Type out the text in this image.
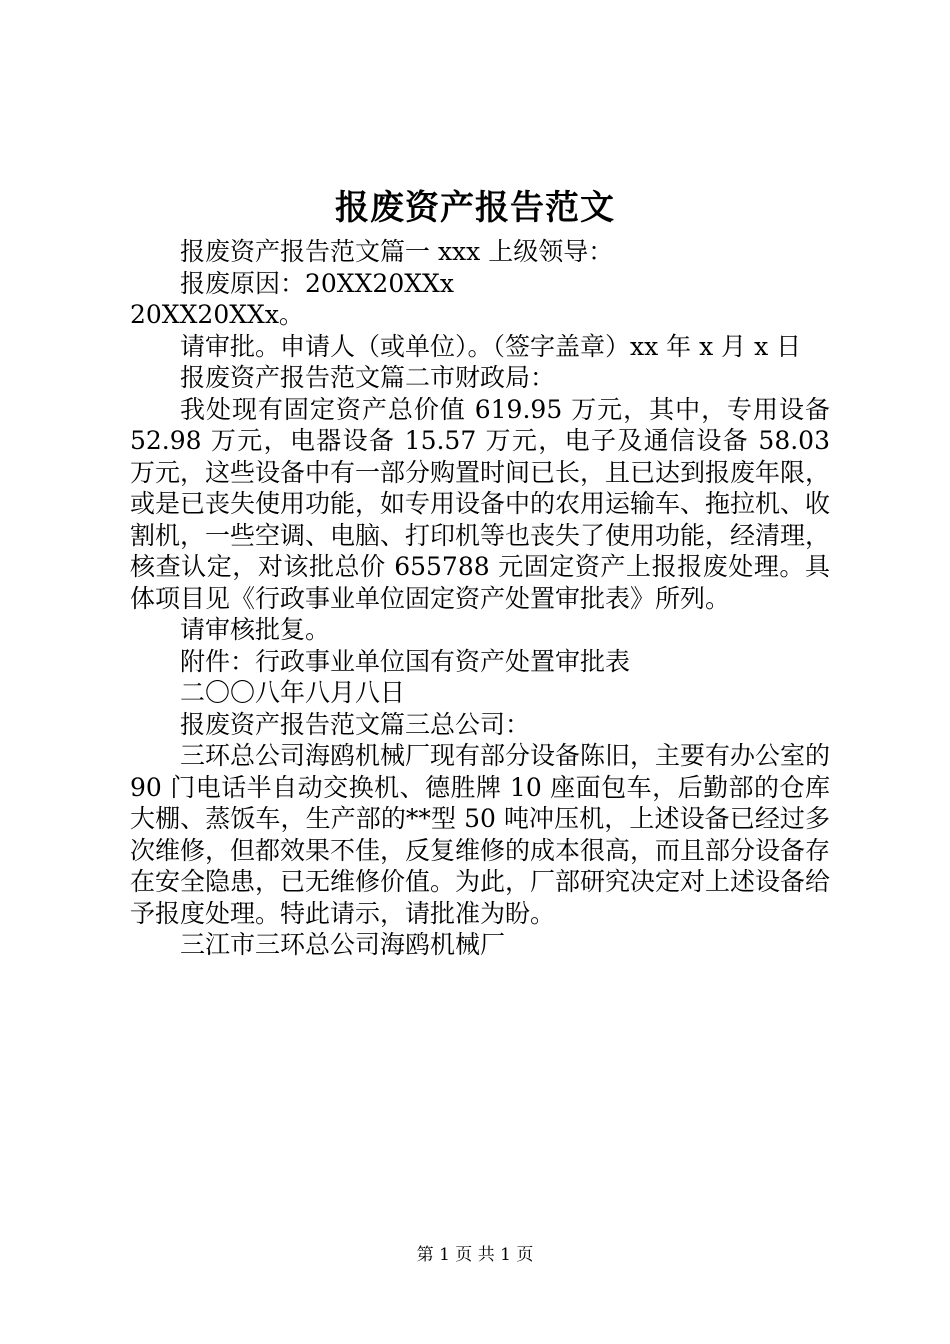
报废资产报告范文

报废资产报告范文篇一 xxx 上级领导：

报废原因：20XX20XXx

20XX20XXx。

请审批。申请人（或单位）。（签字盖章）xx 年 x 月 x 日

报废资产报告范文篇二市财政局：

我处现有固定资产总价值 619.95 万元，其中，专用设备 52.98 万元，电器设备 15.57 万元，电子及通信设备 58.03 万元，这些设备中有一部分购置时间已长，且已达到报废年限，或是已丧失使用功能，如专用设备中的农用运输车、拖拉机、收割机，一些空调、电脑、打印机等也丧失了使用功能，经清理，核查认定，对该批总价 655788 元固定资产上报报废处理。具体项目见《行政事业单位固定资产处置审批表》所列。

请审核批复。

附件：行政事业单位国有资产处置审批表

二〇〇八年八月八日

报废资产报告范文篇三总公司：

三环总公司海鸥机械厂现有部分设备陈旧，主要有办公室的 90 门电话半自动交换机、德胜牌 10 座面包车，后勤部的仓库大棚、蒸饭车，生产部的**型 50 吨冲压机，上述设备已经过多次维修，但都效果不佳，反复维修的成本很高，而且部分设备存在安全隐患，已无维修价值。为此，厂部研究决定对上述设备给予报度处理。特此请示，请批准为盼。

三江市三环总公司海鸥机械厂

第 1 页 共 1 页
